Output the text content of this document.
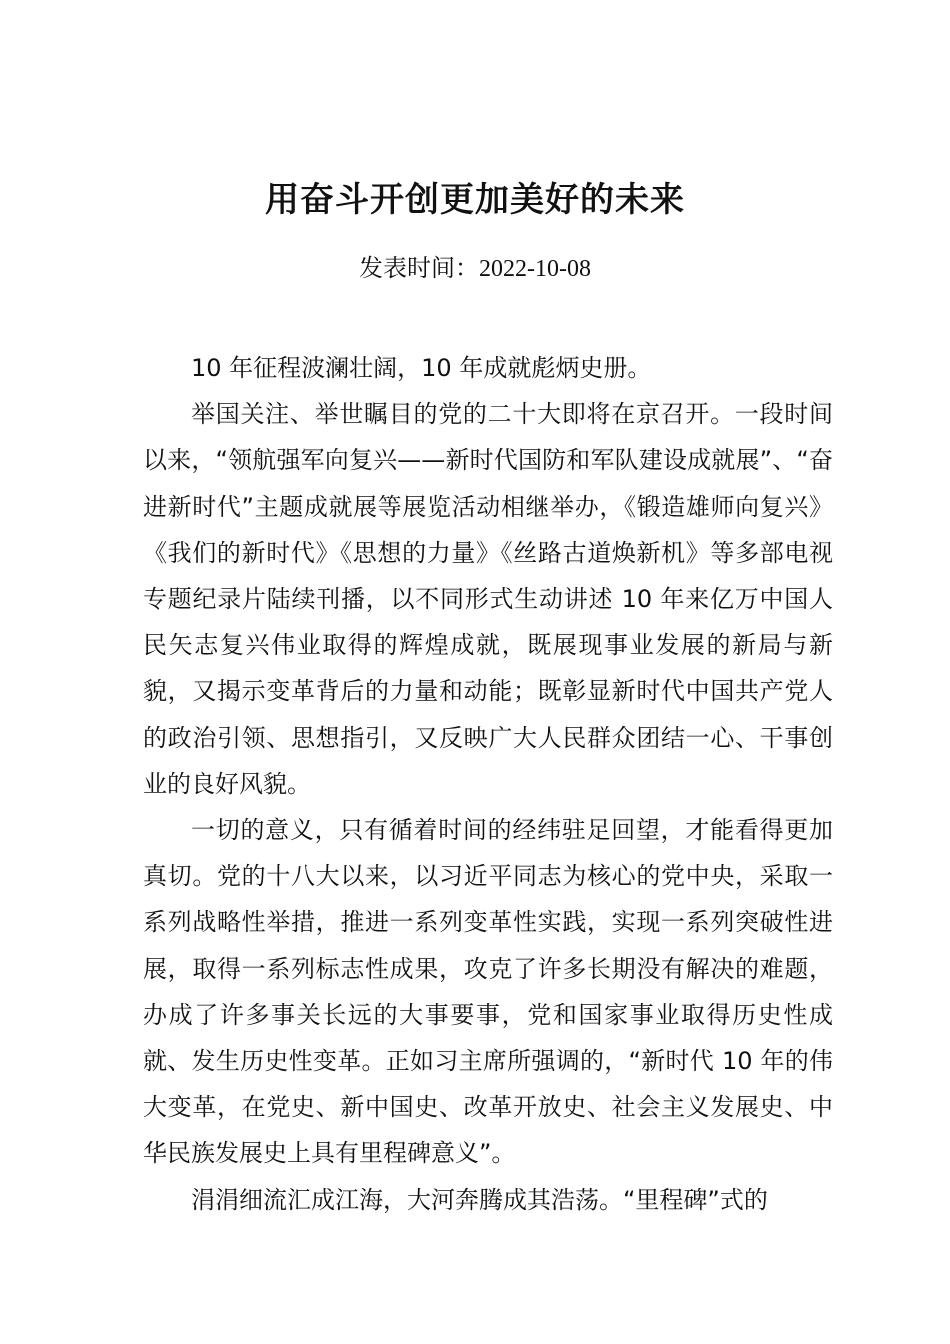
用奋斗开创更加美好的未来
发表时间：2022-10-08

10 年征程波澜壮阔，10 年成就彪炳史册。

举国关注、举世瞩目的党的二十大即将在京召开。一段时间以来，“领航强军向复兴——新时代国防和军队建设成就展”、“奋进新时代”主题成就展等展览活动相继举办，《锻造雄师向复兴》《我们的新时代》《思想的力量》《丝路古道焕新机》等多部电视专题纪录片陆续刊播，以不同形式生动讲述 10 年来亿万中国人民矢志复兴伟业取得的辉煌成就，既展现事业发展的新局与新貌，又揭示变革背后的力量和动能；既彰显新时代中国共产党人的政治引领、思想指引，又反映广大人民群众团结一心、干事创业的良好风貌。

一切的意义，只有循着时间的经纬驻足回望，才能看得更加真切。党的十八大以来，以习近平同志为核心的党中央，采取一系列战略性举措，推进一系列变革性实践，实现一系列突破性进展，取得一系列标志性成果，攻克了许多长期没有解决的难题，办成了许多事关长远的大事要事，党和国家事业取得历史性成就、发生历史性变革。正如习主席所强调的，“新时代 10 年的伟大变革，在党史、新中国史、改革开放史、社会主义发展史、中华民族发展史上具有里程碑意义”。

涓涓细流汇成江海，大河奔腾成其浩荡。“里程碑”式的
